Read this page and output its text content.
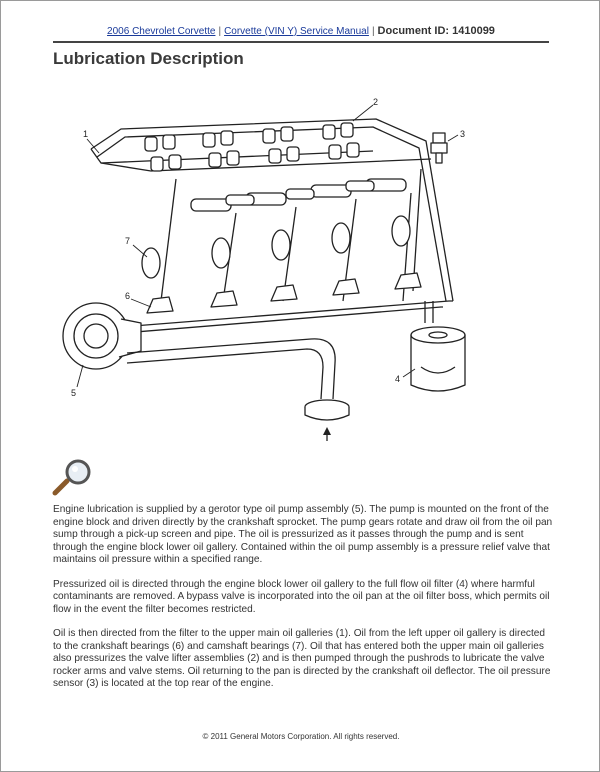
2006 Chevrolet Corvette | Corvette (VIN Y) Service Manual | Document ID: 1410099
Lubrication Description
1
2
3
4
5
6
7

Engine lubrication is supplied by a gerotor type oil pump assembly (5). The pump is mounted on the front of the engine block and driven directly by the crankshaft sprocket. The pump gears rotate and draw oil from the oil pan sump through a pick-up screen and pipe. The oil is pressurized as it passes through the pump and is sent through the engine block lower oil gallery. Contained within the oil pump assembly is a pressure relief valve that maintains oil pressure within a specified range.

Pressurized oil is directed through the engine block lower oil gallery to the full flow oil filter (4) where harmful contaminants are removed. A bypass valve is incorporated into the oil pan at the oil filter boss, which permits oil flow in the event the filter becomes restricted.

Oil is then directed from the filter to the upper main oil galleries (1). Oil from the left upper oil gallery is directed to the crankshaft bearings (6) and camshaft bearings (7). Oil that has entered both the upper main oil galleries also pressurizes the valve lifter assemblies (2) and is then pumped through the pushrods to lubricate the valve rocker arms and valve stems. Oil returning to the pan is directed by the crankshaft oil deflector. The oil pressure sensor (3) is located at the top rear of the engine.

© 2011 General Motors Corporation. All rights reserved.
